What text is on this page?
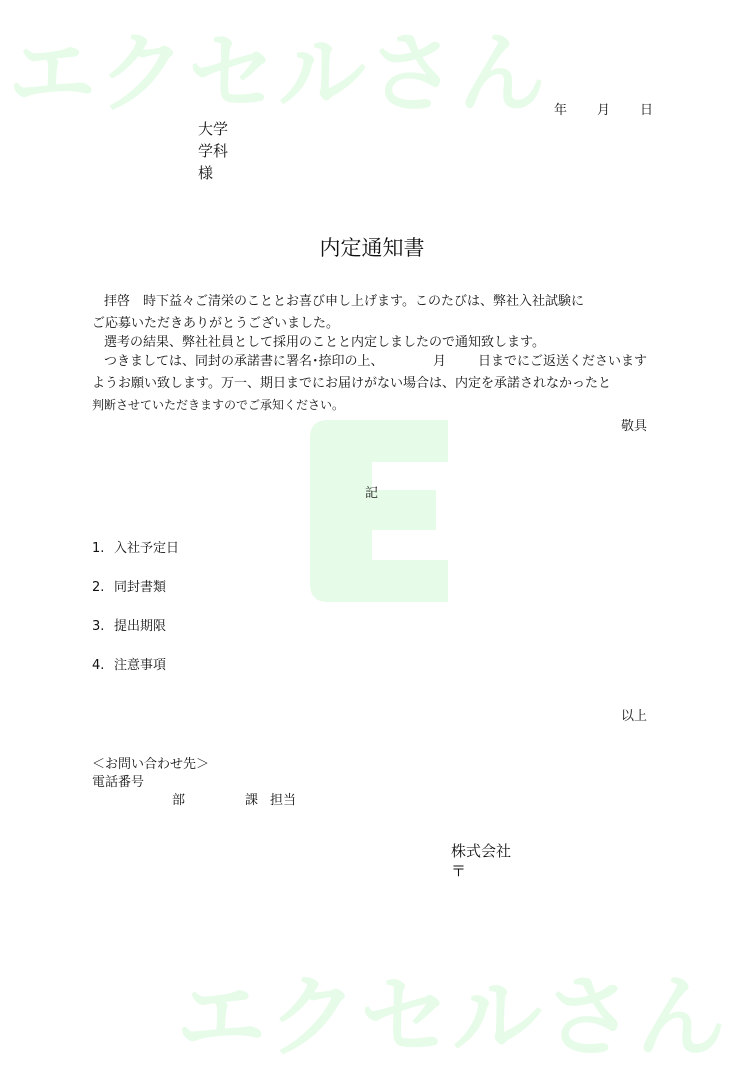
エクセルさん
エクセルさん
年 月 日
大学
学科
様
内定通知書
拝啓　時下益々ご清栄のこととお喜び申し上げます。このたびは、弊社入社試験に
ご応募いただきありがとうございました。
選考の結果、弊社社員として採用のことと内定しましたので通知致します。
つきましては、同封の承諾書に署名･捺印の上、	月 日までにご返送くださいます
ようお願い致します。万一、期日までにお届けがない場合は、内定を承諾されなかったと
判断させていただきますのでご承知ください。
敬具
記
1. 入社予定日
2. 同封書類
3. 提出期限
4. 注意事項
以上
＜お問い合わせ先＞
電話番号
部	課 担当
株式会社
〒
